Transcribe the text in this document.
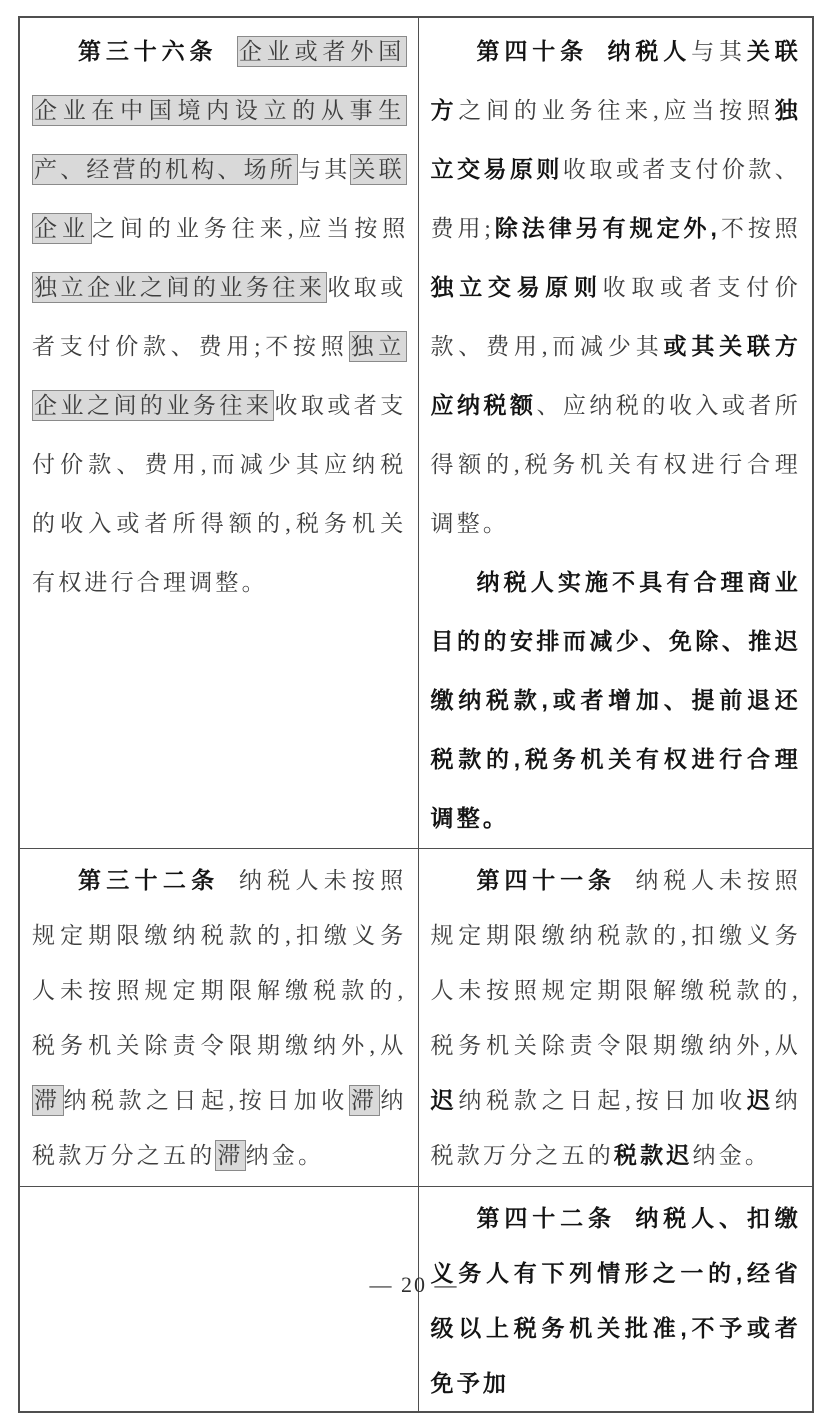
第三十六条 企业或者外国企业在中国境内设立的从事生产、经营的机构、场所与其关联企业之间的业务往来,应当按照独立企业之间的业务往来收取或者支付价款、费用;不按照独立企业之间的业务往来收取或者支付价款、费用,而减少其应纳税的收入或者所得额的,税务机关有权进行合理调整。	第四十条 纳税人与其关联方之间的业务往来,应当按照独立交易原则收取或者支付价款、费用;除法律另有规定外,不按照独立交易原则收取或者支付价款、费用,而减少其或其关联方应纳税额、应纳税的收入或者所得额的,税务机关有权进行合理调整。

纳税人实施不具有合理商业目的的安排而减少、免除、推迟缴纳税款,或者增加、提前退还税款的,税务机关有权进行合理调整。

第三十二条 纳税人未按照规定期限缴纳税款的,扣缴义务人未按照规定期限解缴税款的,税务机关除责令限期缴纳外,从滞纳税款之日起,按日加收滞纳税款万分之五的滞纳金。	第四十一条 纳税人未按照规定期限缴纳税款的,扣缴义务人未按照规定期限解缴税款的,税务机关除责令限期缴纳外,从迟纳税款之日起,按日加收迟纳税款万分之五的税款迟纳金。

	第四十二条 纳税人、扣缴义务人有下列情形之一的,经省级以上税务机关批准,不予或者免予加

— 20 —
